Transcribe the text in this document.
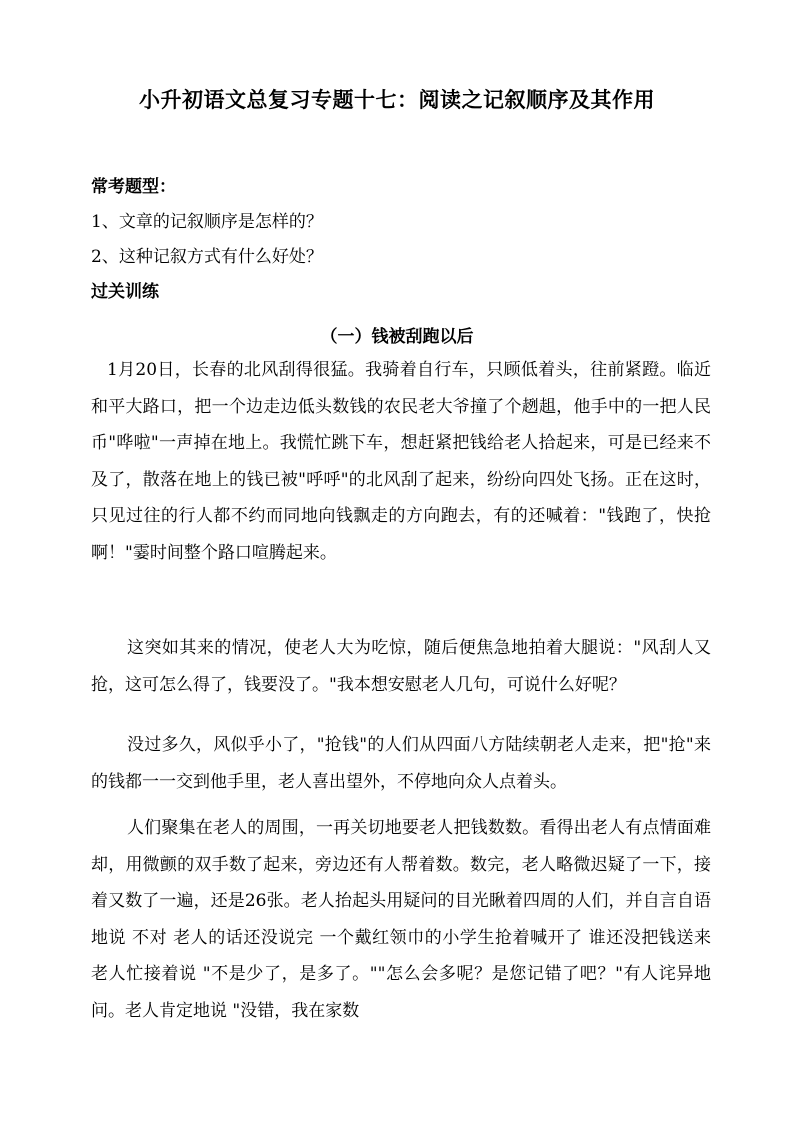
小升初语文总复习专题十七：阅读之记叙顺序及其作用
常考题型：
1、文章的记叙顺序是怎样的？
2、这种记叙方式有什么好处？
过关训练
（一）钱被刮跑以后
1月20日，长春的北风刮得很猛。我骑着自行车，只顾低着头，往前紧蹬。临近和平大路口，把一个边走边低头数钱的农民老大爷撞了个趔趄，他手中的一把人民币"哗啦"一声掉在地上。我慌忙跳下车，想赶紧把钱给老人拾起来，可是已经来不及了，散落在地上的钱已被"呼呼"的北风刮了起来，纷纷向四处飞扬。正在这时，只见过往的行人都不约而同地向钱飘走的方向跑去，有的还喊着："钱跑了，快抢啊！"霎时间整个路口喧腾起来。
这突如其来的情况，使老人大为吃惊，随后便焦急地拍着大腿说："风刮人又抢，这可怎么得了，钱要没了。"我本想安慰老人几句，可说什么好呢？
没过多久，风似乎小了，"抢钱"的人们从四面八方陆续朝老人走来，把"抢"来的钱都一一交到他手里，老人喜出望外，不停地向众人点着头。
人们聚集在老人的周围，一再关切地要老人把钱数数。看得出老人有点情面难却，用微颤的双手数了起来，旁边还有人帮着数。数完，老人略微迟疑了一下，接着又数了一遍，还是26张。老人抬起头用疑问的目光瞅着四周的人们，并自言自语地说 不对 老人的话还没说完 一个戴红领巾的小学生抢着喊开了 谁还没把钱送来 老人忙接着说 "不是少了，是多了。""怎么会多呢？是您记错了吧？"有人诧异地问。老人肯定地说 "没错，我在家数
